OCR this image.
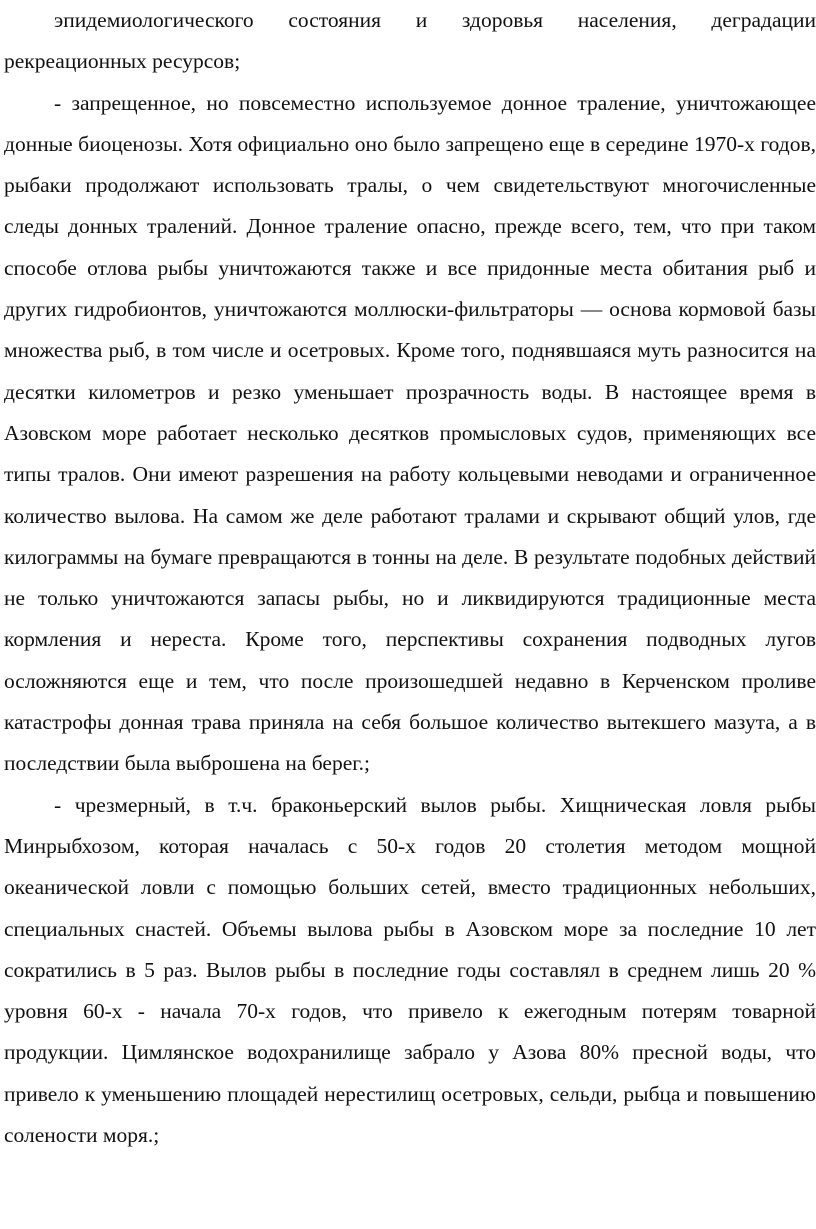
эпидемиологического состояния и здоровья населения, деградации рекреационных ресурсов;

- запрещенное, но повсеместно используемое донное траление, уничтожающее донные биоценозы. Хотя официально оно было запрещено еще в середине 1970-х годов, рыбаки продолжают использовать тралы, о чем свидетельствуют многочисленные следы донных тралений. Донное траление опасно, прежде всего, тем, что при таком способе отлова рыбы уничтожаются также и все придонные места обитания рыб и других гидробионтов, уничтожаются моллюски-фильтраторы — основа кормовой базы множества рыб, в том числе и осетровых. Кроме того, поднявшаяся муть разносится на десятки километров и резко уменьшает прозрачность воды. В настоящее время в Азовском море работает несколько десятков промысловых судов, применяющих все типы тралов. Они имеют разрешения на работу кольцевыми неводами и ограниченное количество вылова. На самом же деле работают тралами и скрывают общий улов, где килограммы на бумаге превращаются в тонны на деле. В результате подобных действий не только уничтожаются запасы рыбы, но и ликвидируются традиционные места кормления и нереста. Кроме того, перспективы сохранения подводных лугов осложняются еще и тем, что после произошедшей недавно в Керченском проливе катастрофы донная трава приняла на себя большое количество вытекшего мазута, а в последствии была выброшена на берег.;

- чрезмерный, в т.ч. браконьерский вылов рыбы. Хищническая ловля рыбы Минрыбхозом, которая началась с 50-х годов 20 столетия методом мощной океанической ловли с помощью больших сетей, вместо традиционных небольших, специальных снастей. Объемы вылова рыбы в Азовском море за последние 10 лет сократились в 5 раз. Вылов рыбы в последние годы составлял в среднем лишь 20 % уровня 60-х - начала 70-х годов, что привело к ежегодным потерям товарной продукции. Цимлянское водохранилище забрало у Азова 80% пресной воды, что привело к уменьшению площадей нерестилищ осетровых, сельди, рыбца и повышению солености моря.;
